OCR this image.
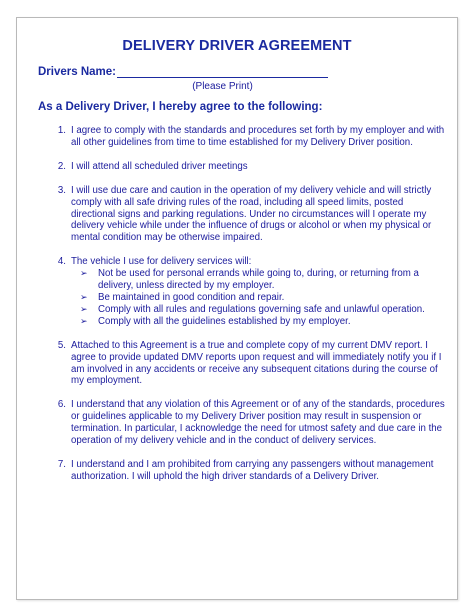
DELIVERY DRIVER AGREEMENT
Drivers Name:
(Please Print)
As a Delivery Driver, I hereby agree to the following:
1. I agree to comply with the standards and procedures set forth by my employer and with all other guidelines from time to time established for my Delivery Driver position.
2. I will attend all scheduled driver meetings
3. I will use due care and caution in the operation of my delivery vehicle and will strictly comply with all safe driving rules of the road, including all speed limits, posted directional signs and parking regulations. Under no circumstances will I operate my delivery vehicle while under the influence of drugs or alcohol or when my physical or mental condition may be otherwise impaired.
4. The vehicle I use for delivery services will:
➢	Not be used for personal errands while going to, during, or returning from a delivery, unless directed by my employer.
➢	Be maintained in good condition and repair.
➢	Comply with all rules and regulations governing safe and unlawful operation.
➢	Comply with all the guidelines established by my employer.
5. Attached to this Agreement is a true and complete copy of my current DMV report. I agree to provide updated DMV reports upon request and will immediately notify you if I am involved in any accidents or receive any subsequent citations during the course of my employment.
6. I understand that any violation of this Agreement or of any of the standards, procedures or guidelines applicable to my Delivery Driver position may result in suspension or termination. In particular, I acknowledge the need for utmost safety and due care in the operation of my delivery vehicle and in the conduct of delivery services.
7. I understand and I am prohibited from carrying any passengers without management authorization. I will uphold the high driver standards of a Delivery Driver.
